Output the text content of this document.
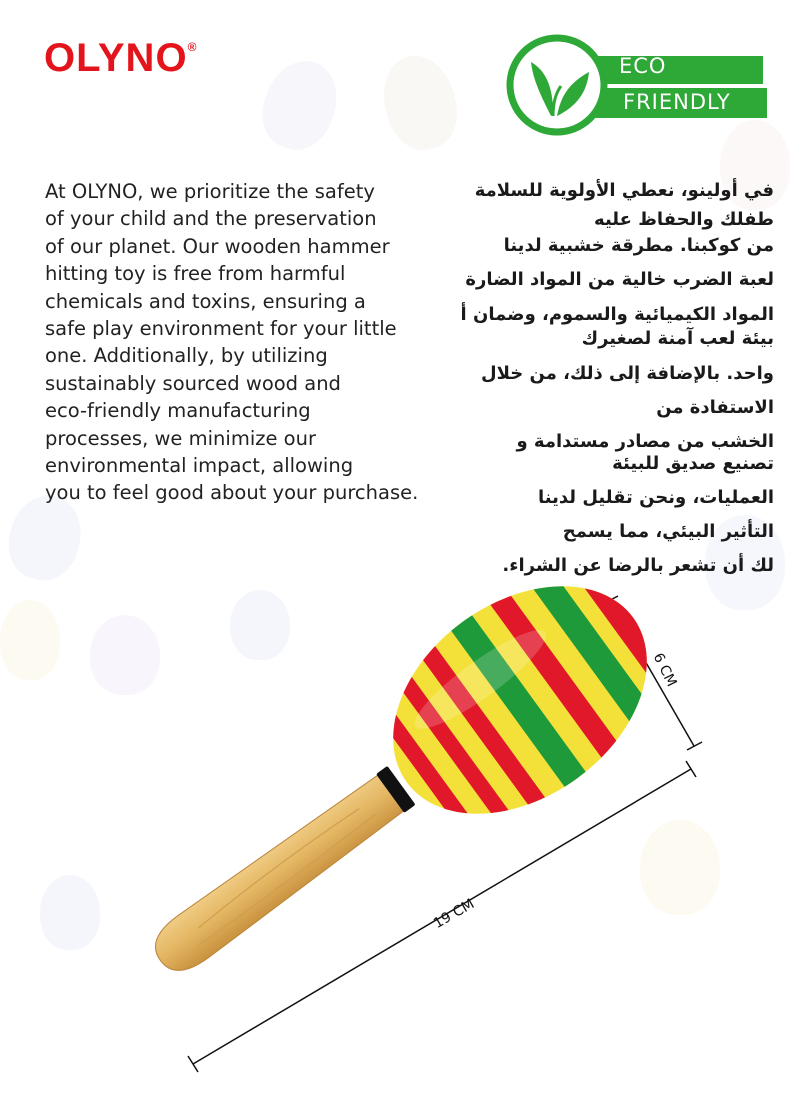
OLYNO®
ECO
FRIENDLY
At OLYNO, we prioritize the safety
of your child and the preservation
of our planet. Our wooden hammer
hitting toy is free from harmful
chemicals and toxins, ensuring a
safe play environment for your little
one. Additionally, by utilizing
sustainably sourced wood and
eco-friendly manufacturing
processes, we minimize our
environmental impact, allowing
you to feel good about your purchase.
في أولينو، نعطي الأولوية للسلامة
طفلك والحفاظ عليه
من كوكبنا. مطرقة خشبية لدينا
لعبة الضرب خالية من المواد الضارة
المواد الكيميائية والسموم، وضمان أ
بيئة لعب آمنة لصغيرك
واحد. بالإضافة إلى ذلك، من خلال
الاستفادة من
الخشب من مصادر مستدامة و
تصنيع صديق للبيئة
العمليات، ونحن تقليل لدينا
التأثير البيئي، مما يسمح
لك أن تشعر بالرضا عن الشراء.
6 CM
19 CM
